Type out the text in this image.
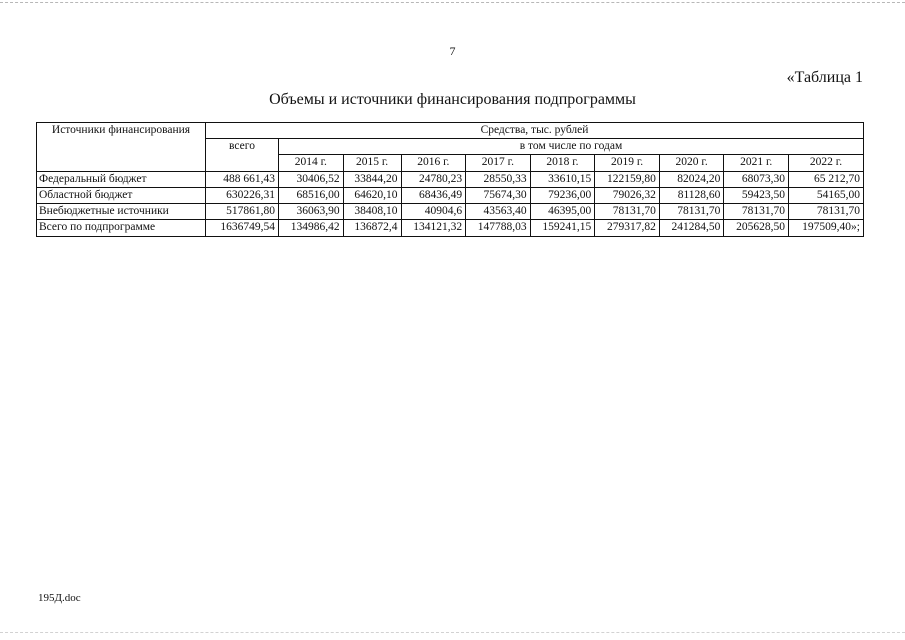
7
«Таблица 1
Объемы и источники финансирования подпрограммы
Источники финансирования	Средства, тыс. рублей									
	всего	в том числе по годам								
		2014 г.	2015 г.	2016 г.	2017 г.	2018 г.	2019 г.	2020 г.	2021 г.	2022 г.
Федеральный бюджет	488 661,43	30406,52	33844,20	24780,23	28550,33	33610,15	122159,80	82024,20	68073,30	65 212,70
Областной бюджет	630226,31	68516,00	64620,10	68436,49	75674,30	79236,00	79026,32	81128,60	59423,50	54165,00
Внебюджетные источники	517861,80	36063,90	38408,10	40904,6	43563,40	46395,00	78131,70	78131,70	78131,70	78131,70
Всего по подпрограмме	1636749,54	134986,42	136872,4	134121,32	147788,03	159241,15	279317,82	241284,50	205628,50	197509,40»;
195Д.doc
